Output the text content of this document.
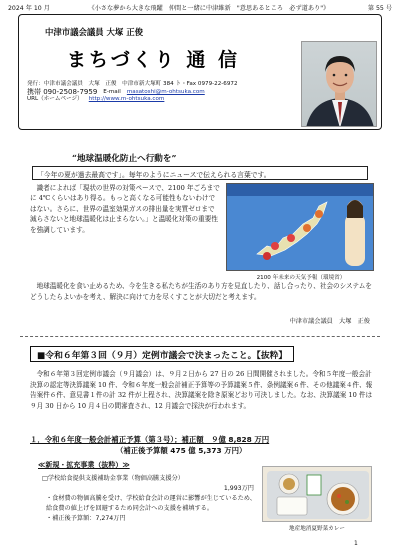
2024 年 10 月	《小さな夢から大きな飛躍　仲間と一緒に中津維新　"意思あるところ　必ず道あり"》	第 55 号
中津市議会議員 大塚 正俊
まちづくり 通 信
発行：中津市議会議員　大塚　正俊　中津市新大塚町 384 ト・Fax 0979-22-6972
携帯 090-2508-7959 E-mail masatoshi@m-ohtsuka.com
URL（ホームページ） http://www.m-ohtsuka.com
“地球温暖化防止へ行動を”
「今年の夏が過去最高です」。毎年のようにニュースで伝えられる言葉です。

識者によれば「現状の世界の対策ペースで、2100 年ごろまでに 4℃くらいはあり得る。もっと高くなる可能性もないわけではない。さらに、世界の温室効果ガスの排出量を実質ゼロまで減らさないと地球温暖化は止まらない。」と温暖化対策の重要性を強調しています。

2100 年未来の天気予報（環境省）

地球温暖化を食い止めるため、今を生きる私たちが生活のあり方を見直したり、話し合ったり、社会のシステムをどうしたらよいかを考え、解決に向けて力を尽くすことが大切だと考えます。

中津市議会議員　大塚　正俊
■令和６年第３回（９月）定例市議会で決まったこと。【抜粋】

令和６年第３回定例市議会（９月議会）は、９月２日から 27 日の 26 日間開催されました。令和５年度一般会計決算の認定等決算議案 10 件、令和６年度一般会計補正予算等の予算議案５件、条例議案６件、その他議案４件、報告案件６件、意見書１件の計 32 件が上程され、決算議案を除き原案どおり可決しました。なお、決算議案 10 件は９月 30 日から 10 月４日の間審査され、12 月議会で採決が行われます。

１．令和６年度一般会計補正予算（第３号）；補正額　９億 8,828 万円
（補正後予算額 475 億 5,373 万円）
≪新規・拡充事業（抜粋）≫
□学校給食提供支援補助金事業（物価高騰支援分）
1,993万円
・食材費の物価高騰を受け、学校給食会計の運営に影響が生じているため、給食費の値上げを回避するため同会計への支援を補填する。
・補正後予算額：7,274万円
地産地消夏野菜カレー
1
